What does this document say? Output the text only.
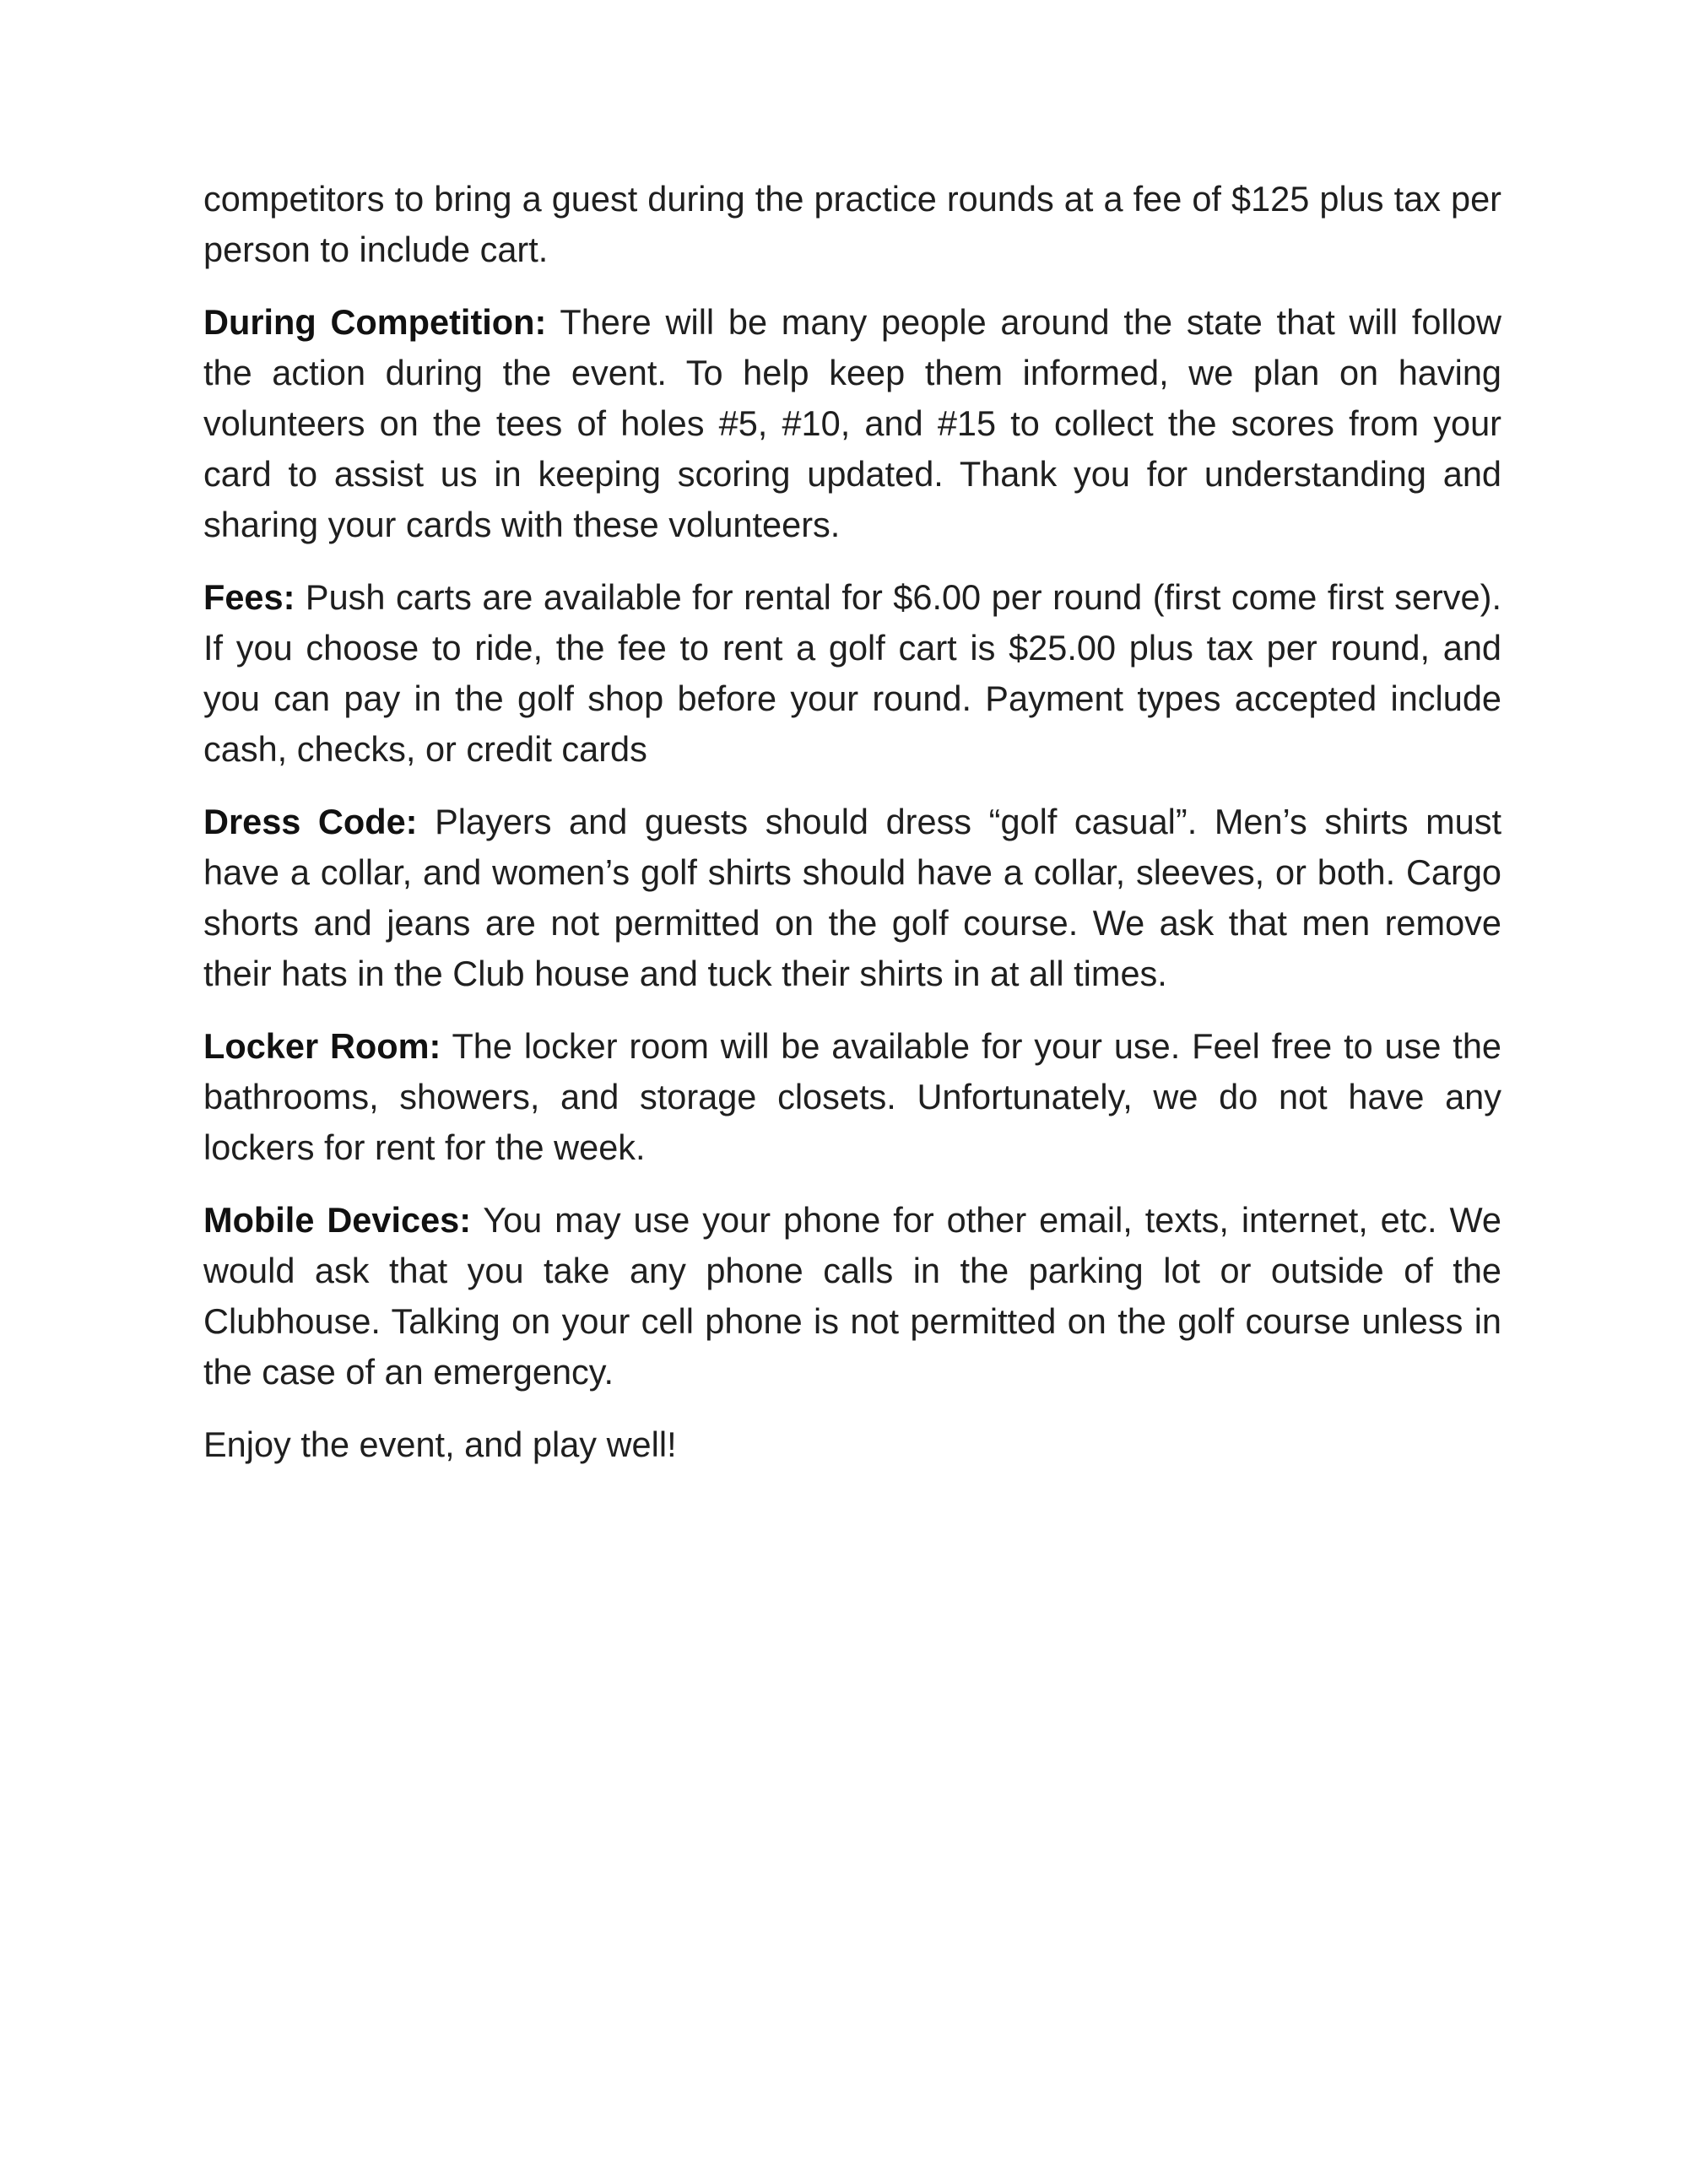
competitors to bring a guest during the practice rounds at a fee of $125 plus tax per person to include cart.

During Competition: There will be many people around the state that will follow the action during the event. To help keep them informed, we plan on having volunteers on the tees of holes #5, #10, and #15 to collect the scores from your card to assist us in keeping scoring updated. Thank you for understanding and sharing your cards with these volunteers.

Fees: Push carts are available for rental for $6.00 per round (first come first serve). If you choose to ride, the fee to rent a golf cart is $25.00 plus tax per round, and you can pay in the golf shop before your round. Payment types accepted include cash, checks, or credit cards

Dress Code: Players and guests should dress “golf casual”. Men’s shirts must have a collar, and women’s golf shirts should have a collar, sleeves, or both. Cargo shorts and jeans are not permitted on the golf course. We ask that men remove their hats in the Club house and tuck their shirts in at all times.

Locker Room: The locker room will be available for your use. Feel free to use the bathrooms, showers, and storage closets. Unfortunately, we do not have any lockers for rent for the week.

Mobile Devices: You may use your phone for other email, texts, internet, etc. We would ask that you take any phone calls in the parking lot or outside of the Clubhouse. Talking on your cell phone is not permitted on the golf course unless in the case of an emergency.

Enjoy the event, and play well!
